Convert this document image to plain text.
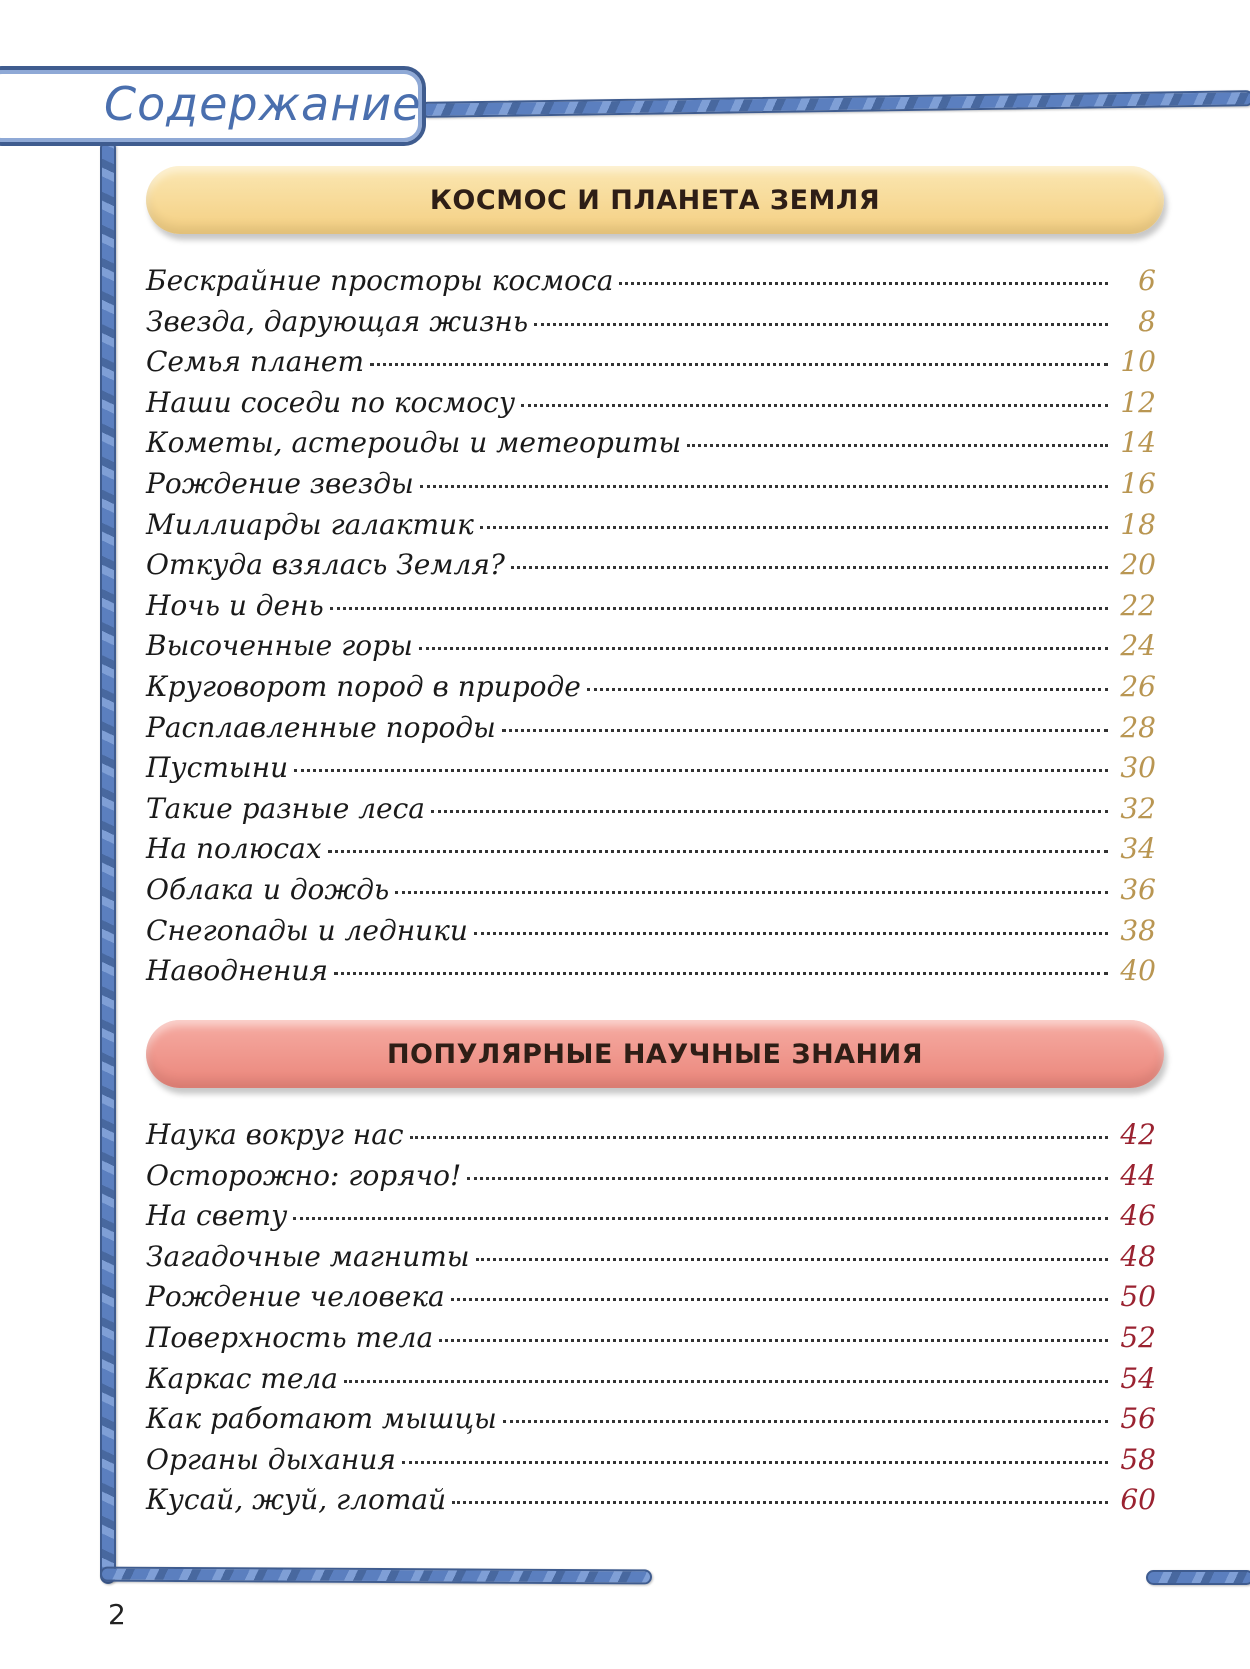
Содержание
КОСМОС И ПЛАНЕТА ЗЕМЛЯ
Бескрайние просторы космоса	6
Звезда, дарующая жизнь	8
Семья планет	10
Наши соседи по космосу	12
Кометы, астероиды и метеориты	14
Рождение звезды	16
Миллиарды галактик	18
Откуда взялась Земля?	20
Ночь и день	22
Высоченные горы	24
Круговорот пород в природе	26
Расплавленные породы	28
Пустыни	30
Такие разные леса	32
На полюсах	34
Облака и дождь	36
Снегопады и ледники	38
Наводнения	40
ПОПУЛЯРНЫЕ НАУЧНЫЕ ЗНАНИЯ
Наука вокруг нас	42
Осторожно: горячо!	44
На свету	46
Загадочные магниты	48
Рождение человека	50
Поверхность тела	52
Каркас тела	54
Как работают мышцы	56
Органы дыхания	58
Кусай, жуй, глотай	60
2
